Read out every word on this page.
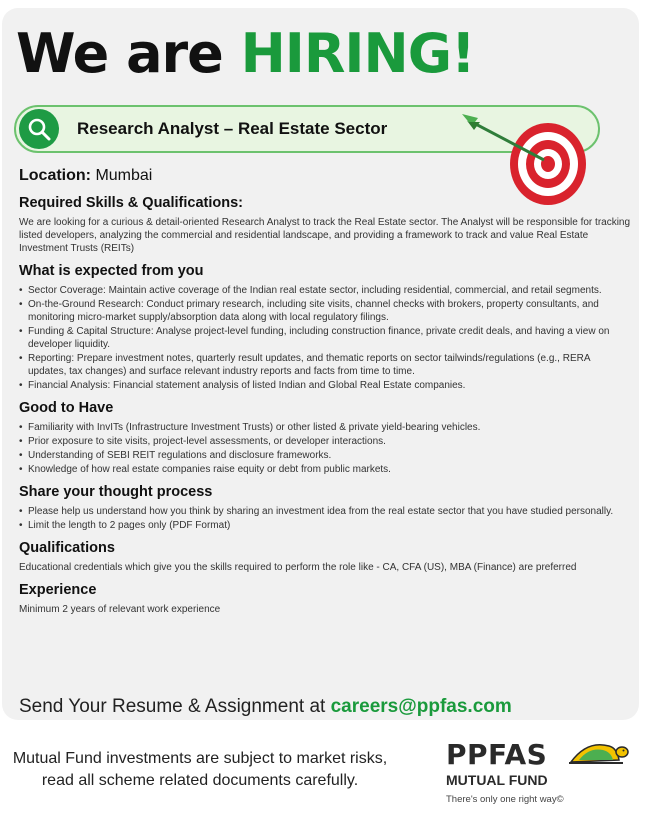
We are HIRING!
Research Analyst – Real Estate Sector

Location: Mumbai

Required Skills & Qualifications:

We are looking for a curious & detail-oriented Research Analyst to track the Real Estate sector. The Analyst will be responsible for tracking listed developers, analyzing the commercial and residential landscape, and providing a framework to track and value Real Estate Investment Trusts (REITs)

What is expected from you
• Sector Coverage: Maintain active coverage of the Indian real estate sector, including residential, commercial, and retail segments.
• On-the-Ground Research: Conduct primary research, including site visits, channel checks with brokers, property consultants, and monitoring micro-market supply/absorption data along with local regulatory filings.
• Funding & Capital Structure: Analyse project-level funding, including construction finance, private credit deals, and having a view on developer liquidity.
• Reporting: Prepare investment notes, quarterly result updates, and thematic reports on sector tailwinds/regulations (e.g., RERA updates, tax changes) and surface relevant industry reports and facts from time to time.
• Financial Analysis: Financial statement analysis of listed Indian and Global Real Estate companies.
Good to Have
• Familiarity with InvITs (Infrastructure Investment Trusts) or other listed & private yield-bearing vehicles.
• Prior exposure to site visits, project-level assessments, or developer interactions.
• Understanding of SEBI REIT regulations and disclosure frameworks.
• Knowledge of how real estate companies raise equity or debt from public markets.
Share your thought process
• Please help us understand how you think by sharing an investment idea from the real estate sector that you have studied personally.
• Limit the length to 2 pages only (PDF Format)
Qualifications

Educational credentials which give you the skills required to perform the role like - CA, CFA (US), MBA (Finance) are preferred

Experience

Minimum 2 years of relevant work experience

Send Your Resume & Assignment at careers@ppfas.com
Mutual Fund investments are subject to market risks,
read all scheme related documents carefully.
PPFAS
MUTUAL FUND
There's only one right way©
